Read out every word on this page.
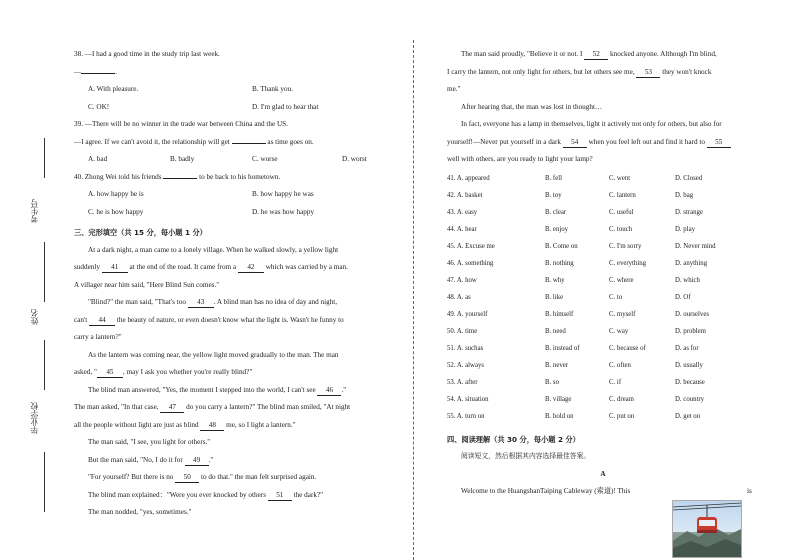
考生号
姓名
毕业学校
38. —I had a good time in the study trip last week.
—	.
A. With pleasure.	B. Thank you.
C. OK!	D. I'm glad to hear that
39. —There will be no winner in the trade war between China and the US.
—I agree. If we can't avoid it, the relationship will get	as time goes on.
A. bad	B. badly	C. worse	D. worst
40. Zhong Wei told his friends	to be back to his hometown.
A. how happy he is	B. how happy he was
C. he is how happy	D. he was how happy
三、完形填空（共 15 分，每小题 1 分）
At a dark night, a man came to a lonely village. When he walked slowly, a yellow light
suddenly 41 at the end of the road. It came from a 42 which was carried by a man.
A villager near him said, "Here Blind Sun comes."
"Blind?" the man said, "That's too 43 . A blind man has no idea of day and night,
can't 44 the beauty of nature, or even doesn't know what the light is. Wasn't he funny to
carry a lantern?"
As the lantern was coming near, the yellow light moved gradually to the man. The man
asked, " 45 , may I ask you whether you're really blind?"
The blind man answered, "Yes, the moment I stepped into the world, I can't see 46 ."
The man asked, "In that case, 47 do you carry a lantern?" The blind man smiled, "At night
all the people without light are just as blind 48 me, so I light a lantern."
The man said, "I see, you light for others."
But the man said, "No, I do it for 49 ."
"For yourself? But there is no 50 to do that." the man felt surprised again.
The blind man explained："Were you ever knocked by others 51 the dark?"
The man nodded, "yes, sometimes."
The man said proudly, "Believe it or not. I 52 knocked anyone. Although I'm blind,
I carry the lantern, not only light for others, but let others see me, 53 they won't knock
me."
After hearing that, the man was lost in thought…
In fact, everyone has a lamp in themselves, light it actively not only for others, but also for
yourself!—Never put yourself in a dark 54 when you feel left out and find it hard to 55
well with others, are you ready to light your lamp?
41. A. appeared	B. fell	C. went	D. Closed
42. A. basket	B. toy	C. lantern	D. bag
43. A. easy	B. clear	C. useful	D. strange
44. A. hear	B. enjoy	C. touch	D. play
45. A. Excuse me	B. Come on	C. I'm sorry	D. Never mind
46. A. something	B. nothing	C. everything	D. anything
47. A. how	B. why	C. where	D. which
48. A. as	B. like	C. to	D. Of
49. A. yourself	B. himself	C. myself	D. ourselves
50. A. time	B. need	C. way	D. problem
51. A. suchas	B. instead of	C. because of	D. as for
52. A. always	B. never	C. often	D. usually
53. A. after	B. so	C. if	D. because
54. A. situation	B. village	C. dream	D. country
55. A. turn on	B. hold on	C. put on	D. get on
四、阅读理解（共 30 分，每小题 2 分）
阅读短文，然后根据其内容选择最佳答案。
A
Welcome to the HuangshanTaiping Cableway (索道)! This	is
